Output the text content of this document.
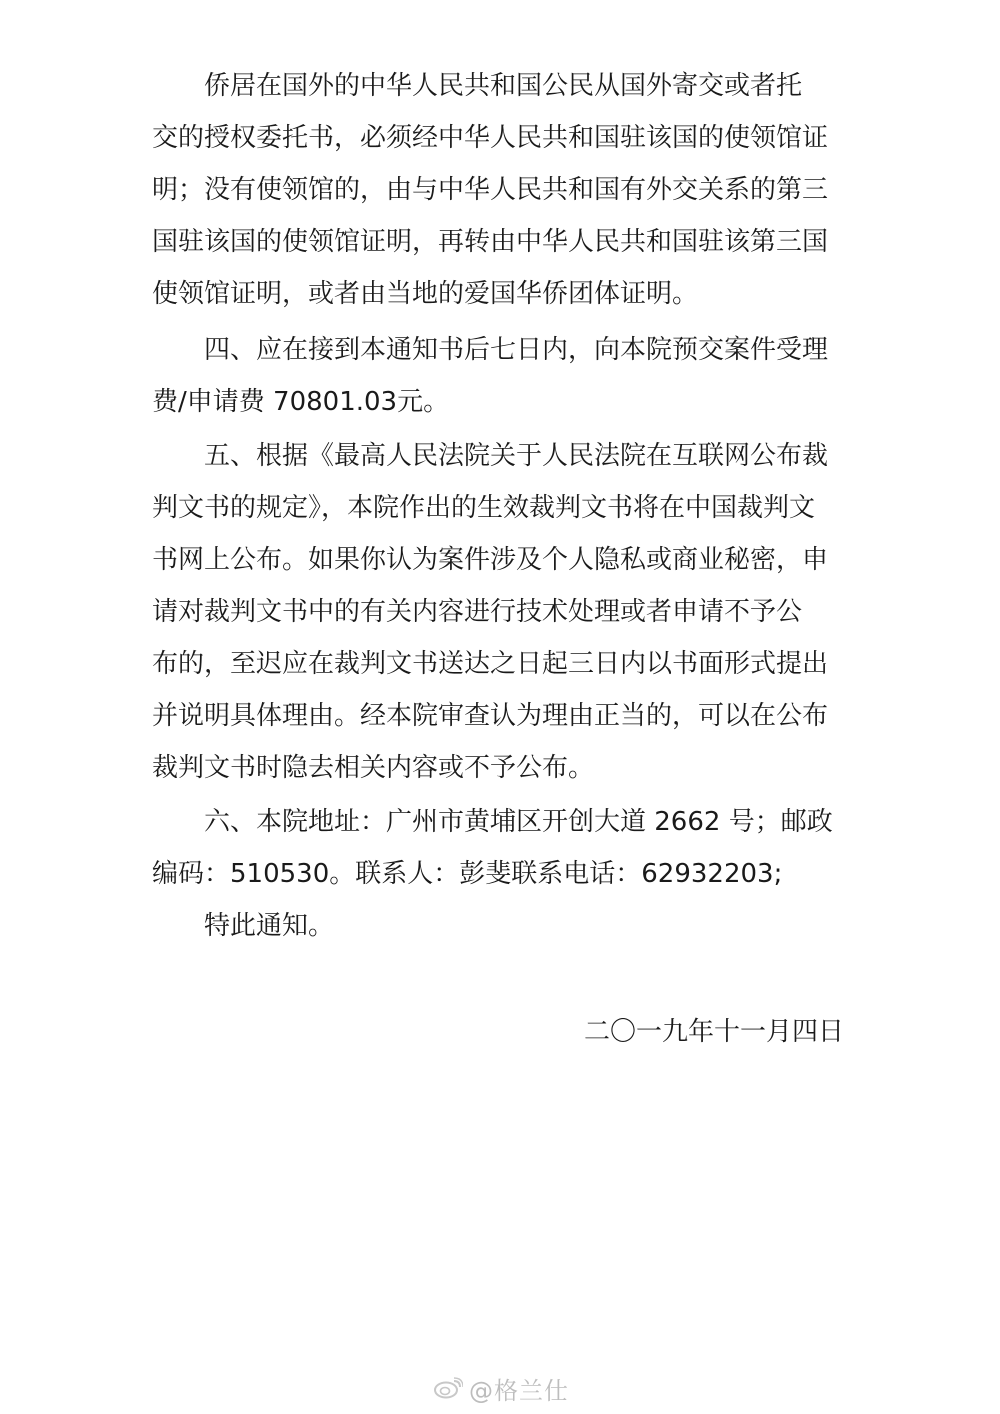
侨居在国外的中华人民共和国公民从国外寄交或者托
交的授权委托书，必须经中华人民共和国驻该国的使领馆证
明；没有使领馆的，由与中华人民共和国有外交关系的第三
国驻该国的使领馆证明，再转由中华人民共和国驻该第三国
使领馆证明，或者由当地的爱国华侨团体证明。
四、应在接到本通知书后七日内，向本院预交案件受理
费/申请费 70801.03元。
五、根据《最高人民法院关于人民法院在互联网公布裁
判文书的规定》，本院作出的生效裁判文书将在中国裁判文
书网上公布。如果你认为案件涉及个人隐私或商业秘密，申
请对裁判文书中的有关内容进行技术处理或者申请不予公
布的，至迟应在裁判文书送达之日起三日内以书面形式提出
并说明具体理由。经本院审查认为理由正当的，可以在公布
裁判文书时隐去相关内容或不予公布。
六、本院地址：广州市黄埔区开创大道 2662 号；邮政
编码：510530。联系人：彭斐联系电话：62932203;
特此通知。
二〇一九年十一月四日
@格兰仕
